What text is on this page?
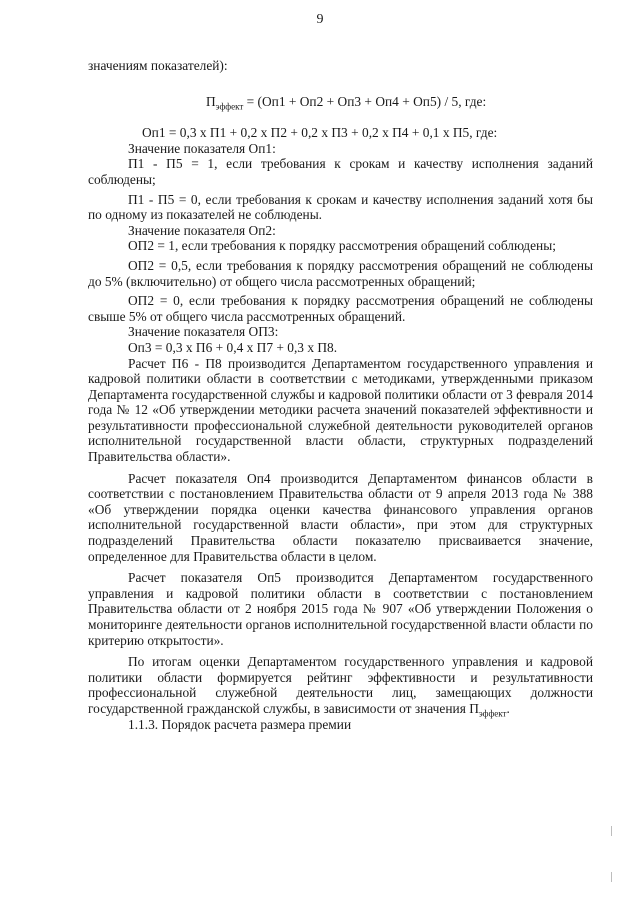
9

значениям показателей):

$П_{эффект} = (Оп1 + Оп2 + Оп3 + Оп4 + Оп5) / 5$, где:

Оп1 = 0,3 х П1 + 0,2 х П2 + 0,2 х П3 + 0,2 х П4 + 0,1 х П5, где:

Значение показателя Оп1:

П1 - П5 = 1, если требования к срокам и качеству исполнения заданий соблюдены;

П1 - П5 = 0, если требования к срокам и качеству исполнения заданий хотя бы по одному из показателей не соблюдены.

Значение показателя Оп2:

ОП2 = 1, если требования к порядку рассмотрения обращений соблюдены;

ОП2 = 0,5, если требования к порядку рассмотрения обращений не соблюдены до 5% (включительно) от общего числа рассмотренных обращений;

ОП2 = 0, если требования к порядку рассмотрения обращений не соблюдены свыше 5% от общего числа рассмотренных обращений.

Значение показателя ОП3:

Оп3 = 0,3 х П6 + 0,4 х П7 + 0,3 х П8.

Расчет П6 - П8 производится Департаментом государственного управления и кадровой политики области в соответствии с методиками, утвержденными приказом Департамента государственной службы и кадровой политики области от 3 февраля 2014 года № 12 «Об утверждении методики расчета значений показателей эффективности и результативности профессиональной служебной деятельности руководителей органов исполнительной государственной власти области, структурных подразделений Правительства области».

Расчет показателя Оп4 производится Департаментом финансов области в соответствии с постановлением Правительства области от 9 апреля 2013 года № 388 «Об утверждении порядка оценки качества финансового управления органов исполнительной государственной власти области», при этом для структурных подразделений Правительства области показателю присваивается значение, определенное для Правительства области в целом.

Расчет показателя Оп5 производится Департаментом государственного управления и кадровой политики области в соответствии с постановлением Правительства области от 2 ноября 2015 года № 907 «Об утверждении Положения о мониторинге деятельности органов исполнительной государственной власти области по критерию открытости».

По итогам оценки Департаментом государственного управления и кадровой политики области формируется рейтинг эффективности и результативности профессиональной служебной деятельности лиц, замещающих должности государственной гражданской службы, в зависимости от значения $П_{эффект}$.

1.1.3. Порядок расчета размера премии
